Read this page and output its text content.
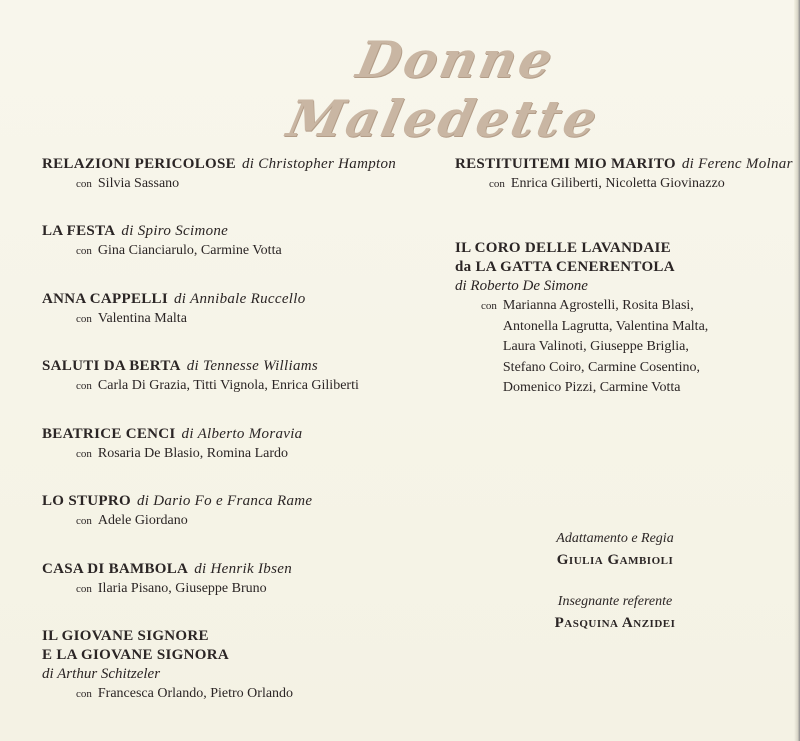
Donne Maledette
RELAZIONI PERICOLOSE di Christopher Hampton
con Silvia Sassano
LA FESTA di Spiro Scimone
con Gina Cianciarulo, Carmine Votta
ANNA CAPPELLI di Annibale Ruccello
con Valentina Malta
SALUTI DA BERTA di Tennesse Williams
con Carla Di Grazia, Titti Vignola, Enrica Giliberti
BEATRICE CENCI di Alberto Moravia
con Rosaria De Blasio, Romina Lardo
LO STUPRO di Dario Fo e Franca Rame
con Adele Giordano
CASA DI BAMBOLA di Henrik Ibsen
con Ilaria Pisano, Giuseppe Bruno
IL GIOVANE SIGNORE
E LA GIOVANE SIGNORA
di Arthur Schitzeler
con Francesca Orlando, Pietro Orlando
RESTITUITEMI MIO MARITO di Ferenc Molnar
con Enrica Giliberti, Nicoletta Giovinazzo
IL CORO DELLE LAVANDAIE
da LA GATTA CENERENTOLA
di Roberto De Simone
con Marianna Agrostelli, Rosita Blasi,
Antonella Lagrutta, Valentina Malta,
Laura Valinoti, Giuseppe Briglia,
Stefano Coiro, Carmine Cosentino,
Domenico Pizzi, Carmine Votta
Adattamento e Regia
Giulia Gambioli
Insegnante referente
Pasquina Anzidei
